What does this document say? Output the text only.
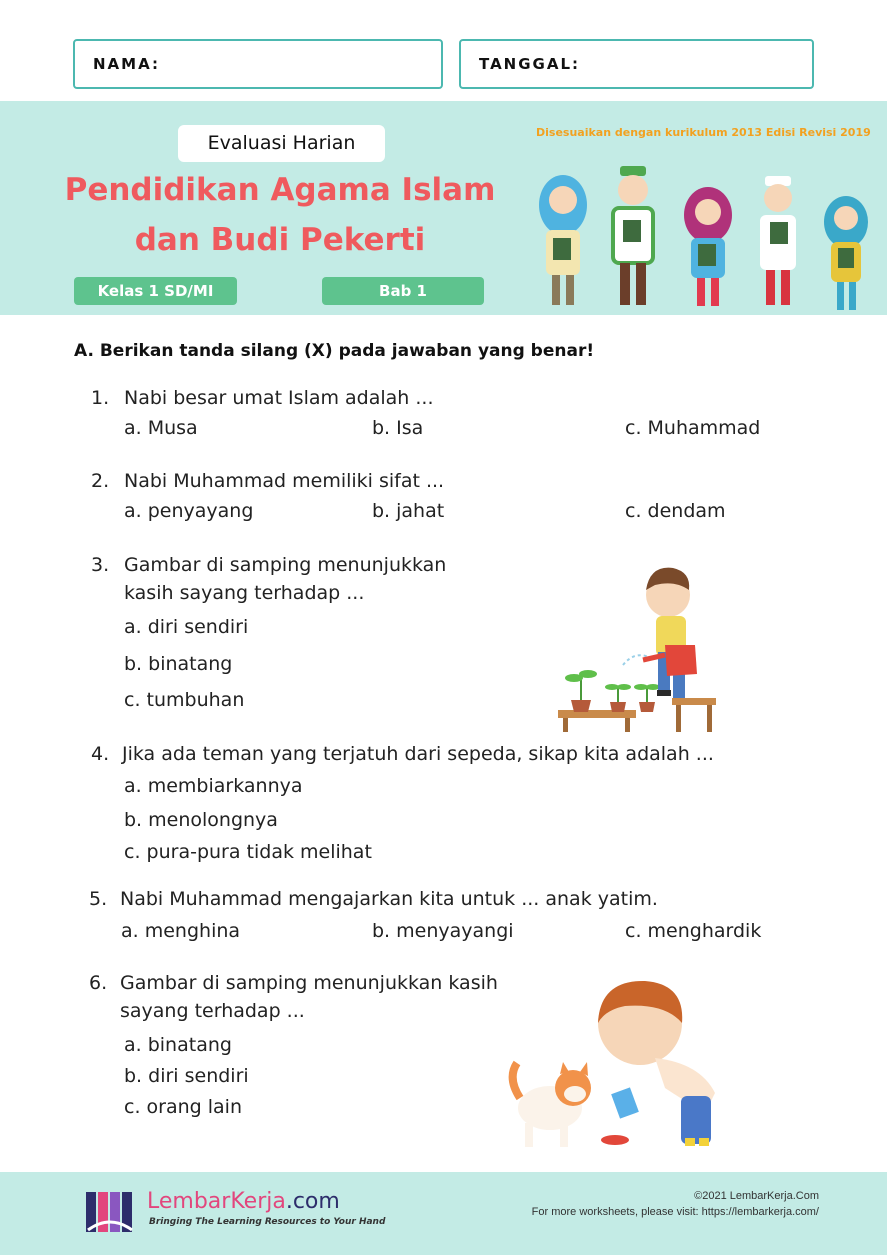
NAMA:	TANGGAL:
Evaluasi Harian
Pendidikan Agama Islam
dan Budi Pekerti
Kelas 1 SD/MI	Bab 1
Disesuaikan dengan kurikulum 2013 Edisi Revisi 2019
A. Berikan tanda silang (X) pada jawaban yang benar!
1. Nabi besar umat Islam adalah ...
a. Musa	b. Isa	c. Muhammad
2. Nabi Muhammad memiliki sifat ...
a. penyayang	b. jahat	c. dendam
3. Gambar di samping menunjukkan
kasih sayang terhadap ...
a. diri sendiri
b. binatang
c. tumbuhan
4. Jika ada teman yang terjatuh dari sepeda, sikap kita adalah ...
a. membiarkannya
b. menolongnya
c. pura-pura tidak melihat
5. Nabi Muhammad mengajarkan kita untuk ... anak yatim.
a. menghina	b. menyayangi	c. menghardik
6. Gambar di samping menunjukkan kasih
sayang terhadap ...
a. binatang
b. diri sendiri
c. orang lain
LembarKerja.com
Bringing The Learning Resources to Your Hand
©2021 LembarKerja.Com
For more worksheets, please visit: https://lembarkerja.com/
